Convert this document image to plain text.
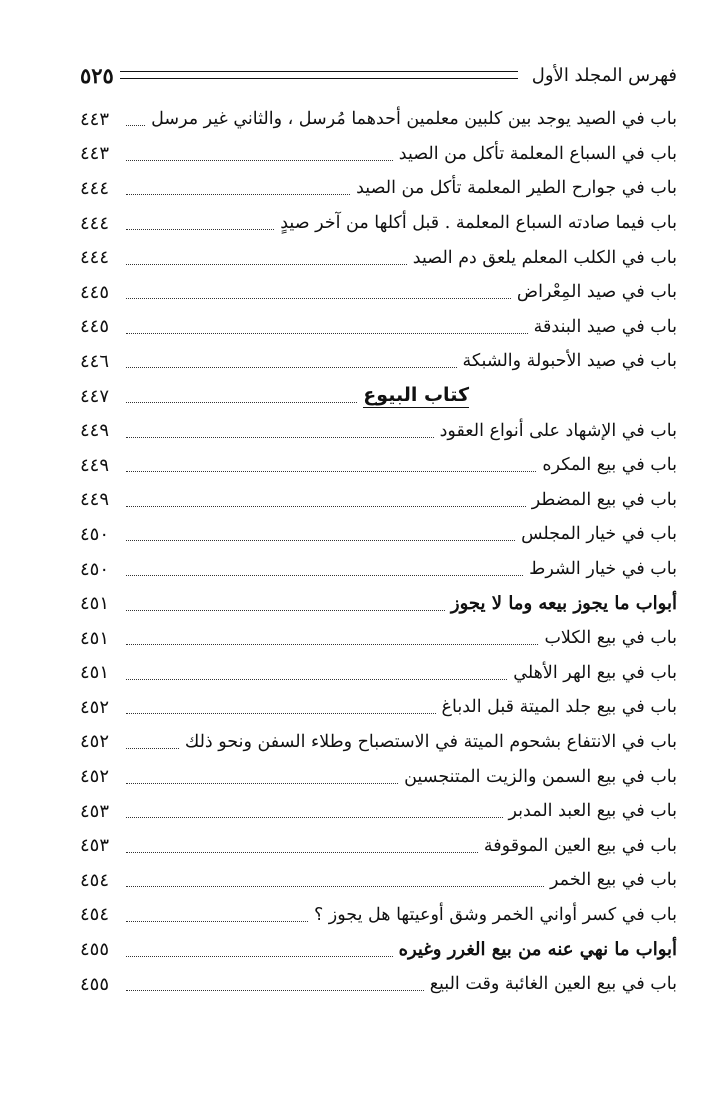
فهرس المجلد الأول
٥٢٥
باب في الصيد يوجد بين كلبين معلمين أحدهما مُرسل ، والثاني غير مرسل
٤٤٣
باب في السباع المعلمة تأكل من الصيد
٤٤٣
باب في جوارح الطير المعلمة تأكل من الصيد
٤٤٤
باب فيما صادته السباع المعلمة . قبل أكلها من آخر صيدٍ
٤٤٤
باب في الكلب المعلم يلعق دم الصيد
٤٤٤
باب في صيد المِعْراض
٤٤٥
باب في صيد البندقة
٤٤٥
باب في صيد الأحبولة والشبكة
٤٤٦
كتاب البيوع
٤٤٧
باب في الإشهاد على أنواع العقود
٤٤٩
باب في بيع المكره
٤٤٩
باب في بيع المضطر
٤٤٩
باب في خيار المجلس
٤٥٠
باب في خيار الشرط
٤٥٠
أبواب ما يجوز بيعه وما لا يجوز
٤٥١
باب في بيع الكلاب
٤٥١
باب في بيع الهر الأهلي
٤٥١
باب في بيع جلد الميتة قبل الدباغ
٤٥٢
باب في الانتفاع بشحوم الميتة في الاستصباح وطلاء السفن ونحو ذلك
٤٥٢
باب في بيع السمن والزيت المتنجسين
٤٥٢
باب في بيع العبد المدبر
٤٥٣
باب في بيع العين الموقوفة
٤٥٣
باب في بيع الخمر
٤٥٤
باب في كسر أواني الخمر وشق أوعيتها هل يجوز ؟
٤٥٤
أبواب ما نهي عنه من بيع الغرر وغيره
٤٥٥
باب في بيع العين الغائبة وقت البيع
٤٥٥
